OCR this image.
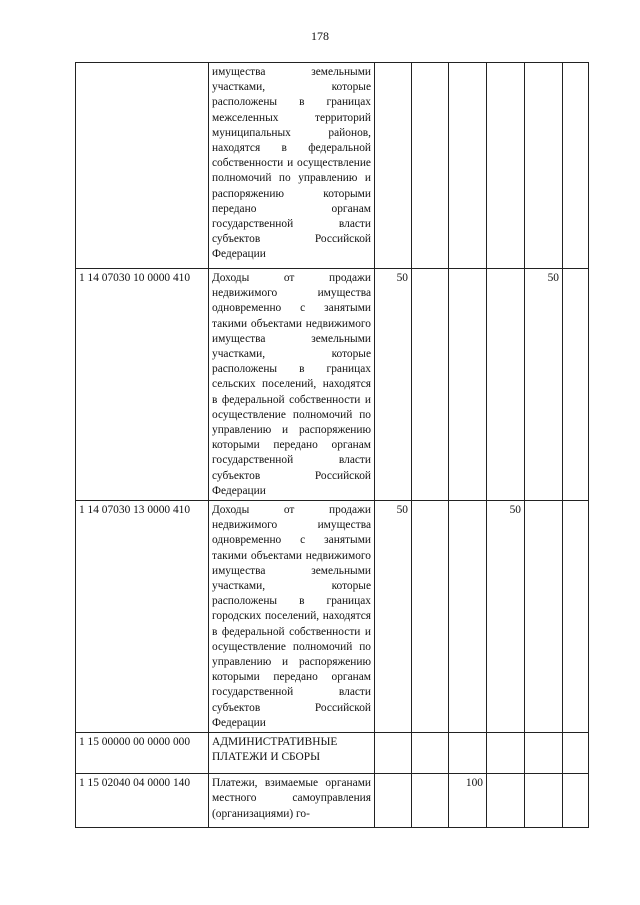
178
	имущества земельными участками, которые расположены в границах межселенных территорий муниципальных районов, находятся в федеральной собственности и осуществление полномочий по управлению и распоряжению которыми передано органам государственной власти субъектов Российской Федерации						
1 14 07030 10 0000 410	Доходы от продажи недвижимого имущества одновременно с занятыми такими объектами недвижимого имущества земельными участками, которые расположены в границах сельских поселений, находятся в федеральной собственности и осуществление полномочий по управлению и распоряжению которыми передано органам государственной власти субъектов Российской Федерации	50				50	
1 14 07030 13 0000 410	Доходы от продажи недвижимого имущества одновременно с занятыми такими объектами недвижимого имущества земельными участками, которые расположены в границах городских поселений, находятся в федеральной собственности и осуществление полномочий по управлению и распоряжению которыми передано органам государственной власти субъектов Российской Федерации	50			50		
1 15 00000 00 0000 000	АДМИНИСТРАТИВНЫЕ ПЛАТЕЖИ И СБОРЫ						
1 15 02040 04 0000 140	Платежи, взимаемые органами местного самоуправления (организациями) го-			100			
